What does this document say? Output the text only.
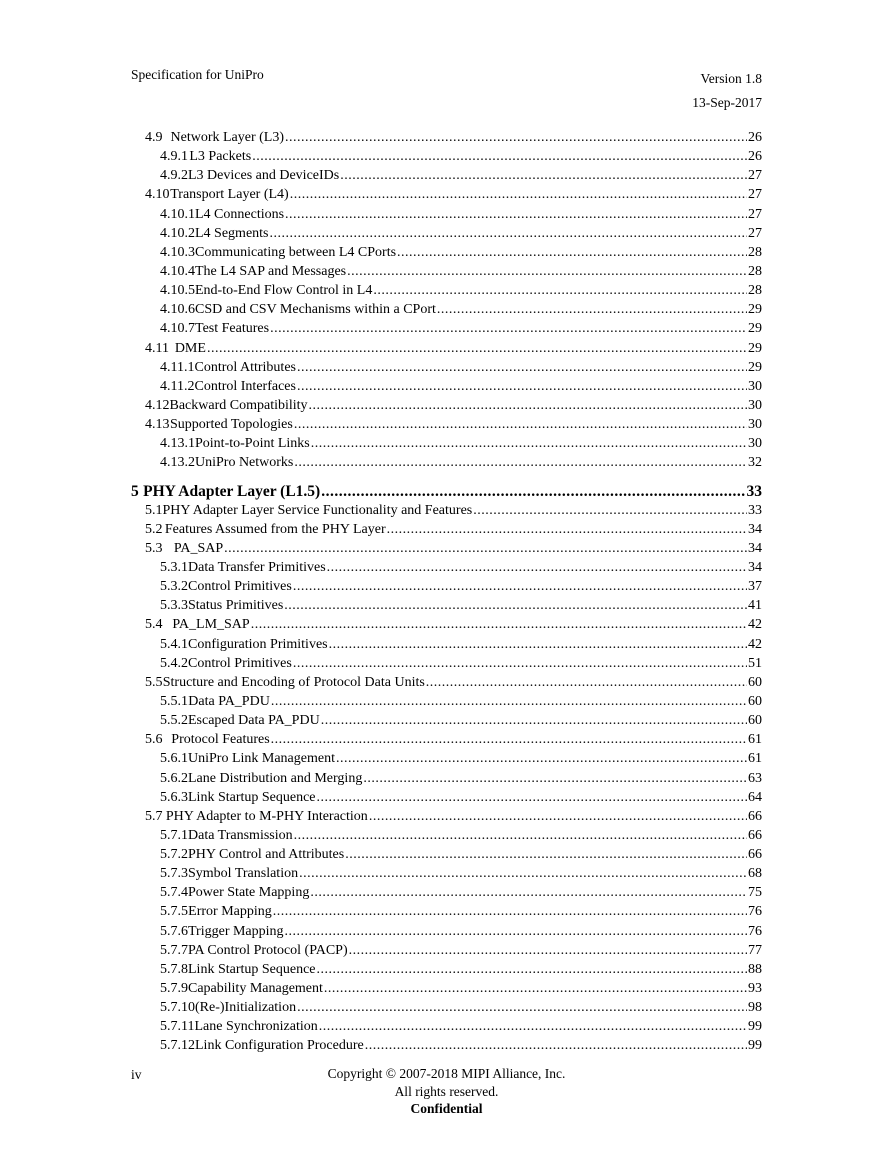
Specification for UniPro	Version 1.8
13-Sep-2017
4.9 Network Layer (L3) .....	26
4.9.1 L3 Packets .....	26
4.9.2 L3 Devices and DeviceIDs .....	27
4.10 Transport Layer (L4) .....	27
4.10.1 L4 Connections .....	27
4.10.2 L4 Segments .....	27
4.10.3 Communicating between L4 CPorts .....	28
4.10.4 The L4 SAP and Messages .....	28
4.10.5 End-to-End Flow Control in L4 .....	28
4.10.6 CSD and CSV Mechanisms within a CPort .....	29
4.10.7 Test Features .....	29
4.11 DME .....	29
4.11.1 Control Attributes .....	29
4.11.2 Control Interfaces .....	30
4.12 Backward Compatibility .....	30
4.13 Supported Topologies .....	30
4.13.1 Point-to-Point Links .....	30
4.13.2 UniPro Networks .....	32
5 PHY Adapter Layer (L1.5) .....	33
5.1 PHY Adapter Layer Service Functionality and Features .....	33
5.2 Features Assumed from the PHY Layer .....	34
5.3 PA_SAP .....	34
5.3.1 Data Transfer Primitives .....	34
5.3.2 Control Primitives .....	37
5.3.3 Status Primitives .....	41
5.4 PA_LM_SAP .....	42
5.4.1 Configuration Primitives .....	42
5.4.2 Control Primitives .....	51
5.5 Structure and Encoding of Protocol Data Units .....	60
5.5.1 Data PA_PDU .....	60
5.5.2 Escaped Data PA_PDU .....	60
5.6 Protocol Features .....	61
5.6.1 UniPro Link Management .....	61
5.6.2 Lane Distribution and Merging .....	63
5.6.3 Link Startup Sequence .....	64
5.7 PHY Adapter to M-PHY Interaction .....	66
5.7.1 Data Transmission .....	66
5.7.2 PHY Control and Attributes .....	66
5.7.3 Symbol Translation .....	68
5.7.4 Power State Mapping .....	75
5.7.5 Error Mapping .....	76
5.7.6 Trigger Mapping .....	76
5.7.7 PA Control Protocol (PACP) .....	77
5.7.8 Link Startup Sequence .....	88
5.7.9 Capability Management .....	93
5.7.10 (Re-)Initialization .....	98
5.7.11 Lane Synchronization .....	99
5.7.12 Link Configuration Procedure .....	99
iv	Copyright © 2007-2018 MIPI Alliance, Inc.
All rights reserved.
Confidential
